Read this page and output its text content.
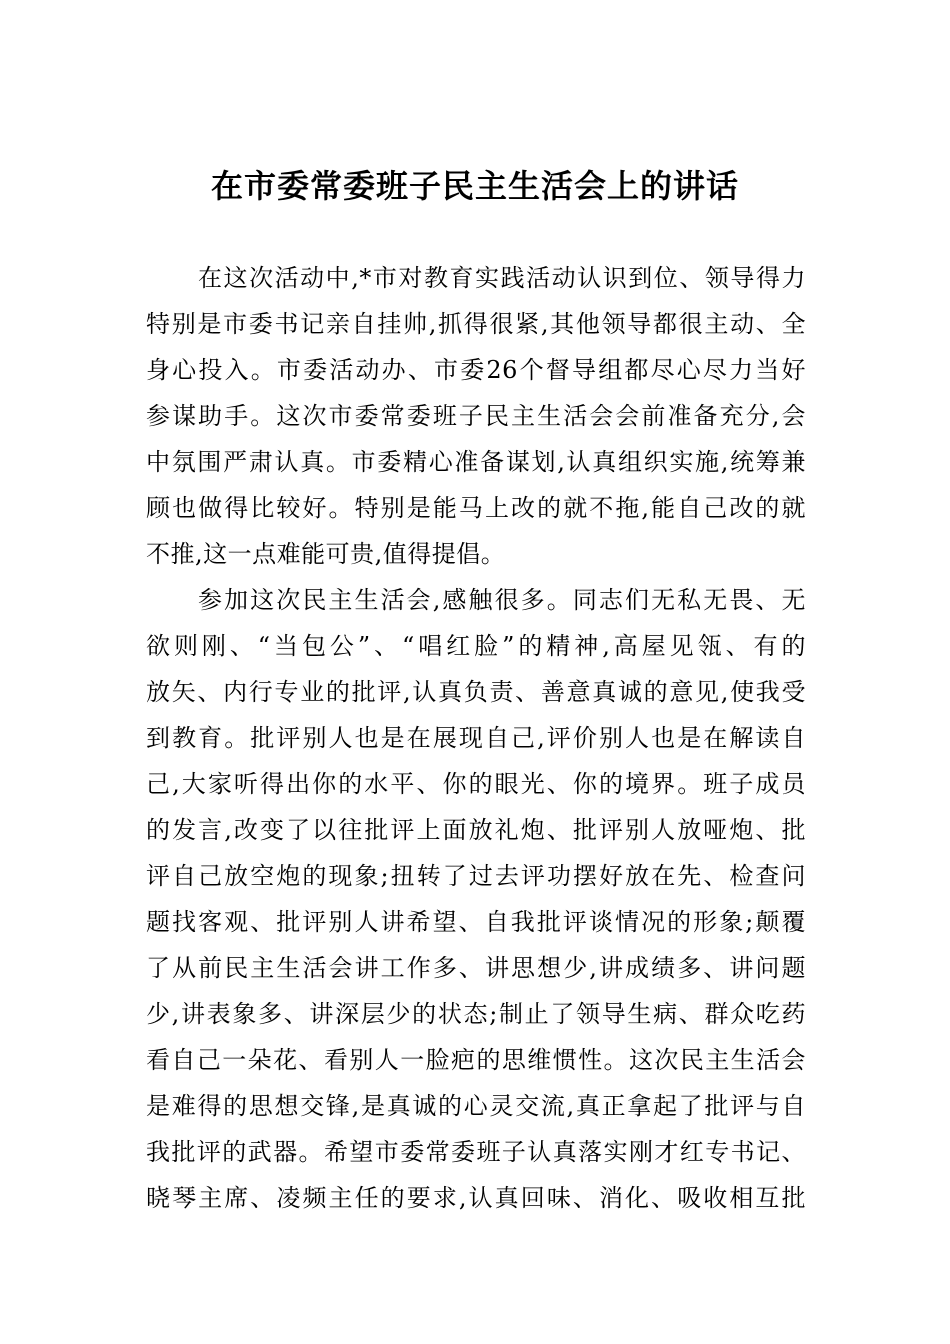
在市委常委班子民主生活会上的讲话
在这次活动中,*市对教育实践活动认识到位、领导得力
特别是市委书记亲自挂帅,抓得很紧,其他领导都很主动、全
身心投入。市委活动办、市委26个督导组都尽心尽力当好
参谋助手。这次市委常委班子民主生活会会前准备充分,会
中氛围严肃认真。市委精心准备谋划,认真组织实施,统筹兼
顾也做得比较好。特别是能马上改的就不拖,能自己改的就
不推,这一点难能可贵,值得提倡。
参加这次民主生活会,感触很多。同志们无私无畏、无
欲则刚、“当包公”、“唱红脸”的精神,高屋见瓴、有的
放矢、内行专业的批评,认真负责、善意真诚的意见,使我受
到教育。批评别人也是在展现自己,评价别人也是在解读自
己,大家听得出你的水平、你的眼光、你的境界。班子成员
的发言,改变了以往批评上面放礼炮、批评别人放哑炮、批
评自己放空炮的现象;扭转了过去评功摆好放在先、检查问
题找客观、批评别人讲希望、自我批评谈情况的形象;颠覆
了从前民主生活会讲工作多、讲思想少,讲成绩多、讲问题
少,讲表象多、讲深层少的状态;制止了领导生病、群众吃药
看自己一朵花、看别人一脸疤的思维惯性。这次民主生活会
是难得的思想交锋,是真诚的心灵交流,真正拿起了批评与自
我批评的武器。希望市委常委班子认真落实刚才红专书记、
晓琴主席、凌频主任的要求,认真回味、消化、吸收相互批
